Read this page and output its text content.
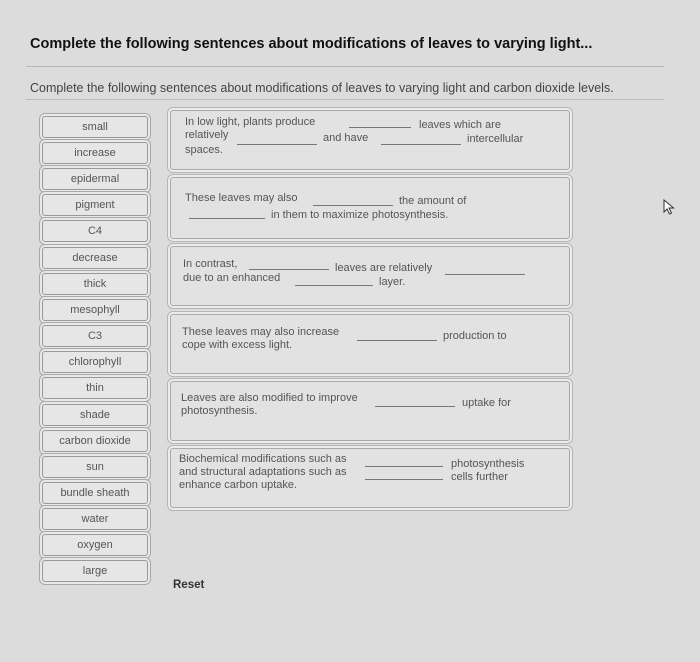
Complete the following sentences about modifications of leaves to varying light...
Complete the following sentences about modifications of leaves to varying light and carbon dioxide levels.
small
increase
epidermal
pigment
C4
decrease
thick
mesophyll
C3
chlorophyll
thin
shade
carbon dioxide
sun
bundle sheath
water
oxygen
large
In low light, plants produce	leaves which are
relatively	and have	intercellular
spaces.
These leaves may also	the amount of
in them to maximize photosynthesis.
In contrast,	leaves are relatively
due to an enhanced	layer.
These leaves may also increase	production to
cope with excess light.
Leaves are also modified to improve	uptake for
photosynthesis.
Biochemical modifications such as	photosynthesis
and structural adaptations such as	cells further
enhance carbon uptake.
Reset
